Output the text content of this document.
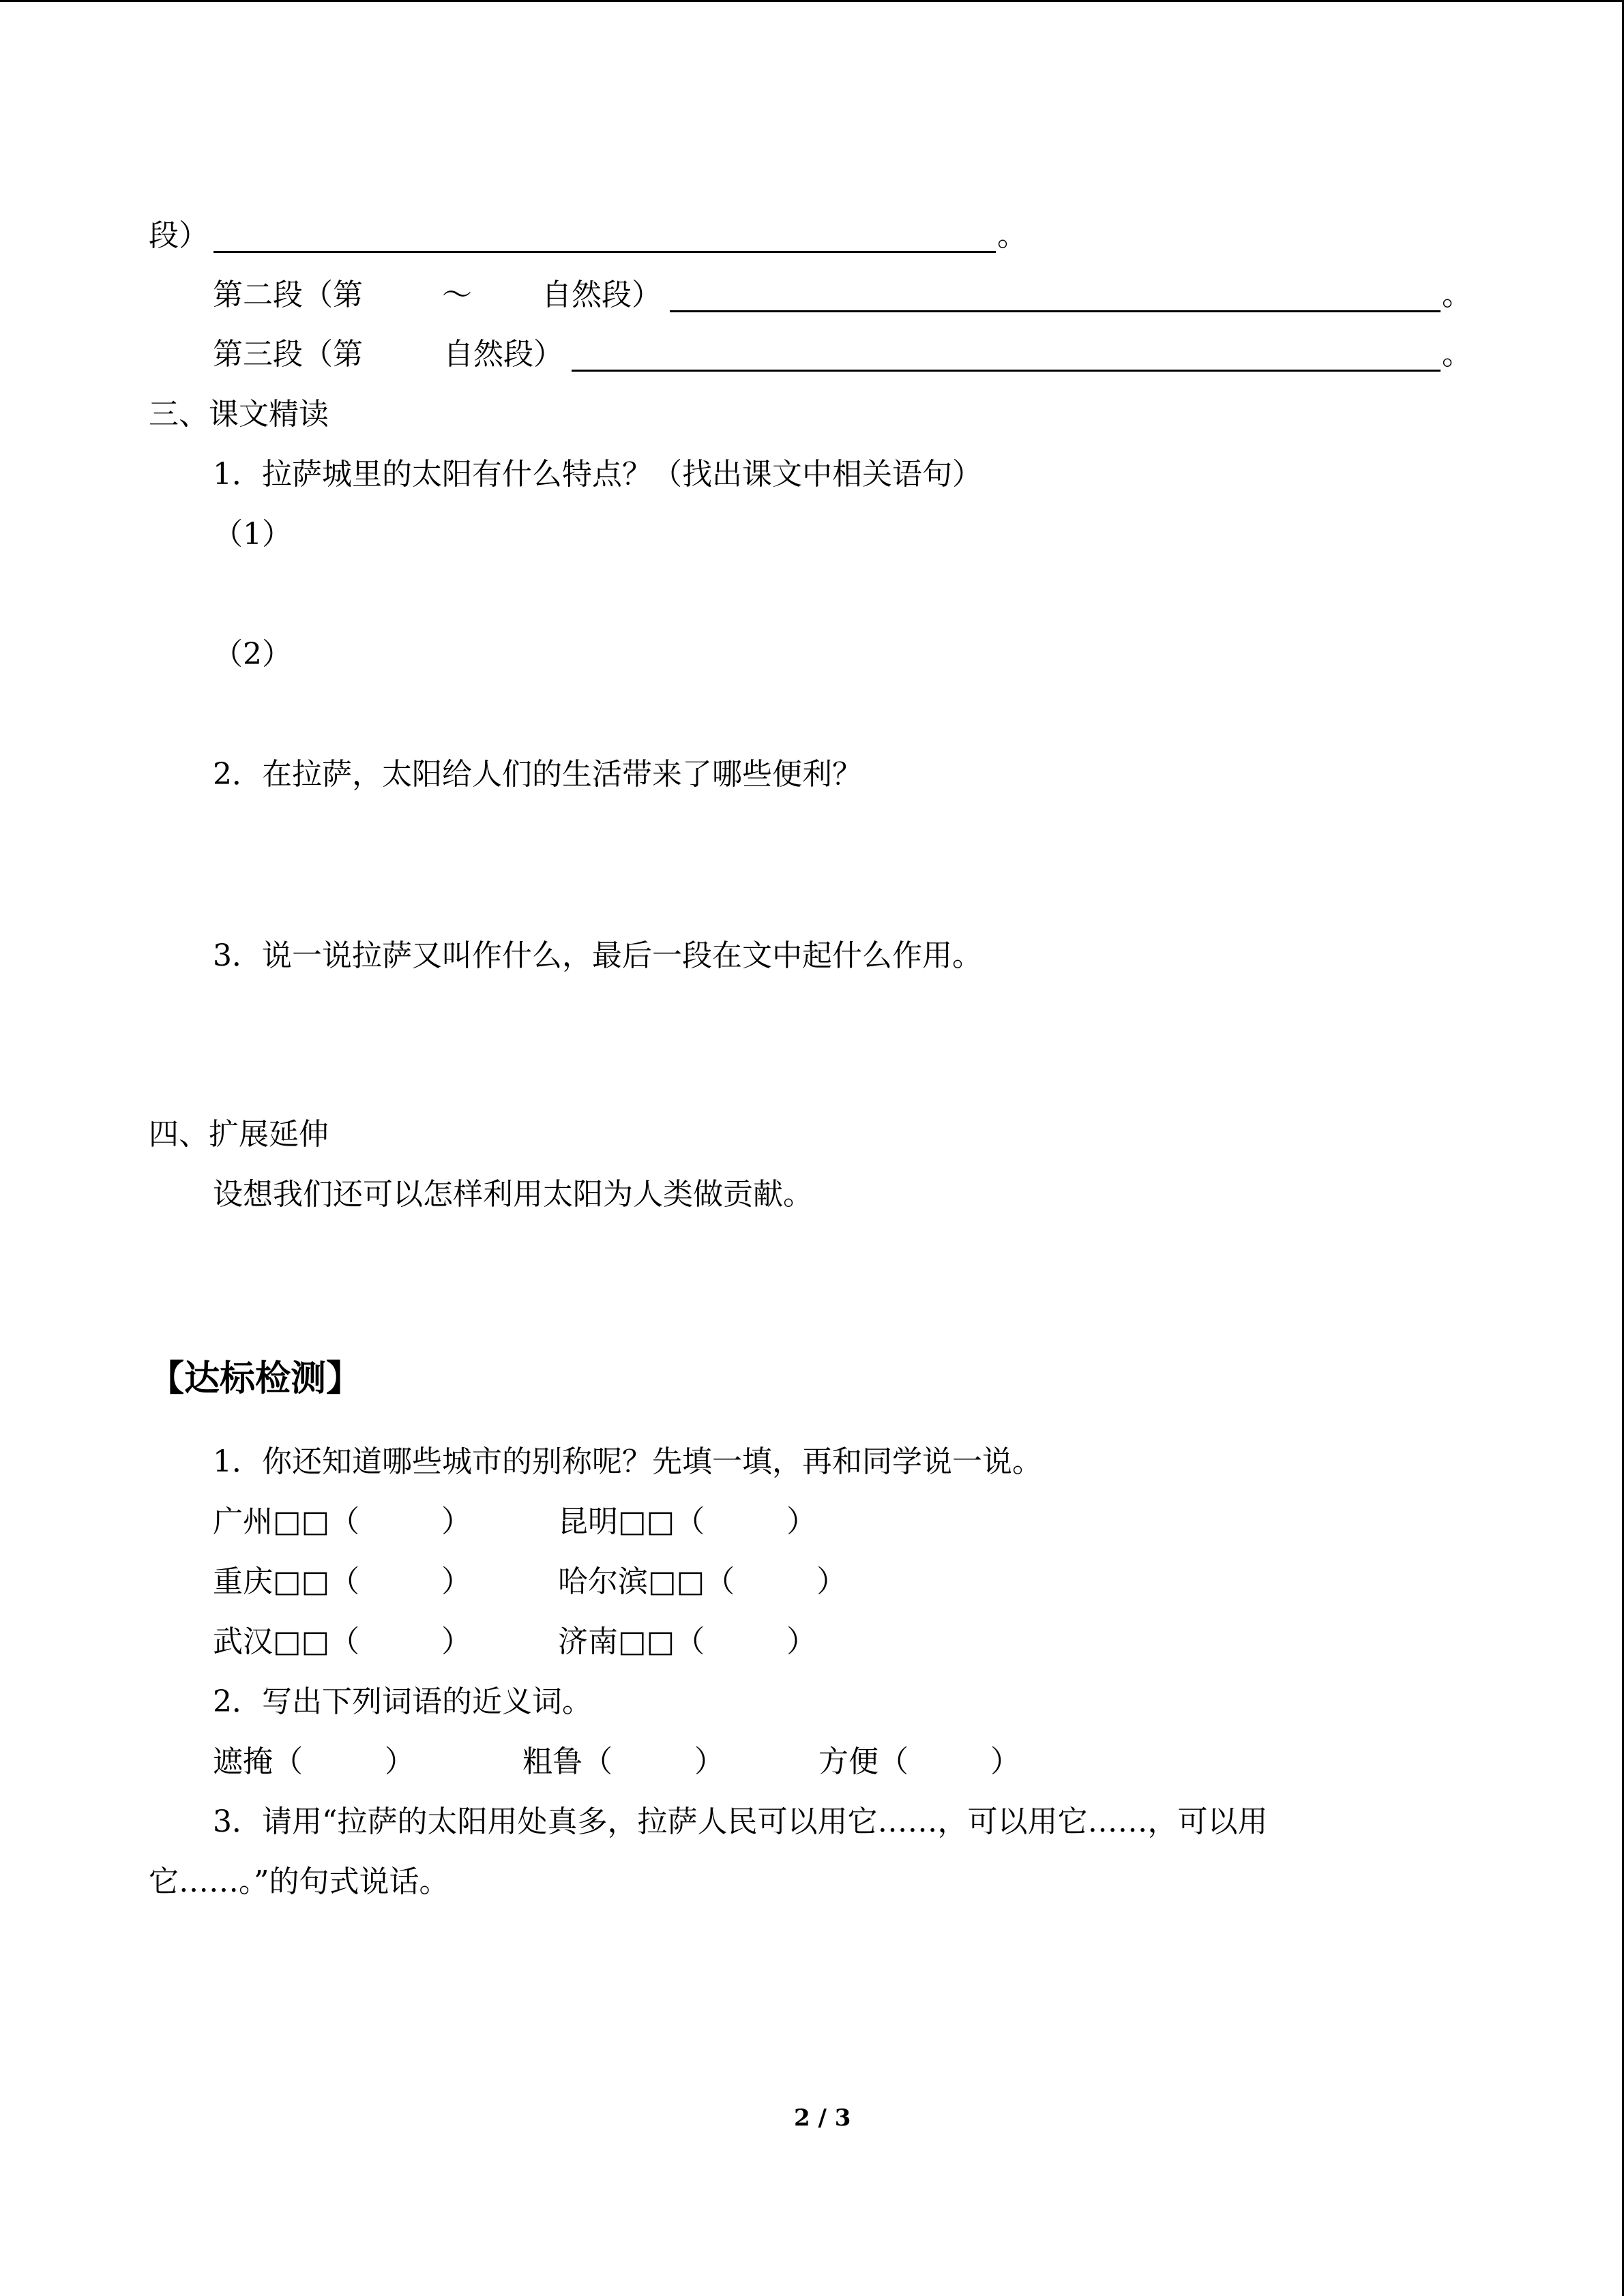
段）	。
第二段（第	～ 自然段）	。
第三段（第	自然段）	。
三、课文精读
1．拉萨城里的太阳有什么特点？（找出课文中相关语句）
（1）
（2）
2．在拉萨，太阳给人们的生活带来了哪些便利？
3．说一说拉萨又叫作什么，最后一段在文中起什么作用。
四、扩展延伸
设想我们还可以怎样利用太阳为人类做贡献。
【达标检测】
1．你还知道哪些城市的别称呢？先填一填，再和同学说一说。
广州□□（	）	昆明□□（	）
重庆□□（	）	哈尔滨□□（	）
武汉□□（	）	济南□□（	）
2．写出下列词语的近义词。
遮掩（	）	粗鲁（	）	方便（	）
3．请用“拉萨的太阳用处真多，拉萨人民可以用它……，可以用它……，可以用
它……。”的句式说话。
2 / 3
